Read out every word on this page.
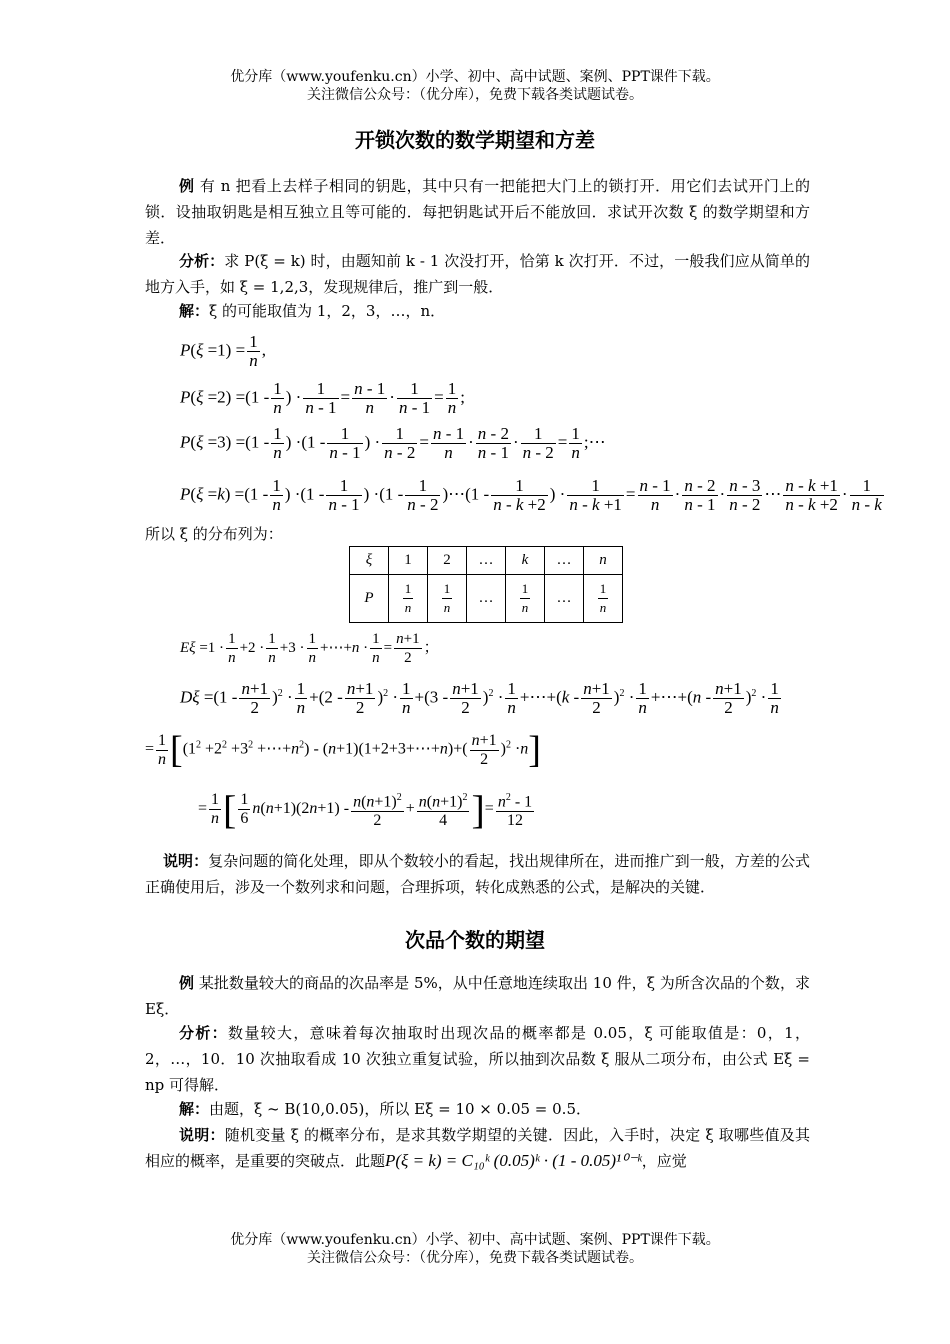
优分库（www.youfenku.cn）小学、初中、高中试题、案例、PPT课件下载。
关注微信公众号：（优分库），免费下载各类试题试卷。
开锁次数的数学期望和方差
例 有 n 把看上去样子相同的钥匙，其中只有一把能把大门上的锁打开．用它们去试开门上的锁．设抽取钥匙是相互独立且等可能的．每把钥匙试开后不能放回．求试开次数 ξ 的数学期望和方差．
分析：求 P(ξ = k) 时，由题知前 k - 1 次没打开，恰第 k 次打开．不过，一般我们应从简单的地方入手，如 ξ = 1,2,3，发现规律后，推广到一般．
解：ξ 的可能取值为 1，2，3，…，n．
$P(\xi =1) = \frac{1}{n}$ ,
$P(\xi =2) =(1 - \frac{1}{n}$ ) · $\frac{1}{n - 1} = \frac{n - 1}{n} \cdot \frac{1}{n - 1} = \frac{1}{n}$ ;
$P(\xi =3) =(1 - \frac{1}{n}$ ) $\cdot(1 - \frac{1}{n - 1}$ ) · $\frac{1}{n - 2} = \frac{n - 1}{n} \cdot \frac{n - 2}{n - 1} \cdot \frac{1}{n - 2} = \frac{1}{n}$ ;⋯
$P(\xi =k) =(1 - \frac{1}{n}$ ) $\cdot(1 - \frac{1}{n - 1}$ ) $\cdot(1 - \frac{1}{n - 2}$ )⋯(1 - $\frac{1}{n - k +2}$ ) · $\frac{1}{n - k +1} = \frac{n - 1}{n} \cdot \frac{n - 2}{n - 1} \cdot \frac{n - 3}{n - 2}$ ⋯ $\frac{n - k +1}{n - k +2} \cdot \frac{1}{n - k}$
所以 ξ 的分布列为：
ξ	1	2	…	k	…	n
P	$\frac{1}{n}$	$\frac{1}{n}$	…	$\frac{1}{n}$	…	$\frac{1}{n}$
$E\xi =1 \cdot \frac{1}{n} +2 \cdot \frac{1}{n} +3 \cdot \frac{1}{n}$ +⋯+n · $\frac{1}{n} = \frac{n+1}{2}$ ；
$D\xi =(1 - \frac{n+1}{2} )^2 \cdot \frac{1}{n} +(2 - \frac{n+1}{2} )^2 \cdot \frac{1}{n} +(3 - \frac{n+1}{2} )^2 \cdot \frac{1}{n}$ +⋯+(k - $\frac{n+1}{2} )^2 \cdot \frac{1}{n}$ +⋯+(n - $\frac{n+1}{2} )^2 \cdot \frac{1}{n}$
= $\frac{1}{n} [(1^2 +2^2 +3^2$ $+\cdots+n^2$) - (n+1)(1+2+3+⋯+n)+( $\frac{n+1}{2} )^2 \cdot n$]
= $\frac{1}{n}$ [ $\frac{1}{6} n(n+1)(2n+1) - \frac{n(n+1)^2}{2} + \frac{n(n+1)^2}{4}$ ]= $\frac{n^2 - 1}{12}$
说明：复杂问题的简化处理，即从个数较小的看起，找出规律所在，进而推广到一般，方差的公式正确使用后，涉及一个数列求和问题，合理拆项，转化成熟悉的公式，是解决的关键．
次品个数的期望
例 某批数量较大的商品的次品率是 5%，从中任意地连续取出 10 件，ξ 为所含次品的个数，求 Eξ．
分析：数量较大，意味着每次抽取时出现次品的概率都是 0.05，ξ 可能取值是：0，1，2，…，10．10 次抽取看成 10 次独立重复试验，所以抽到次品数 ξ 服从二项分布，由公式 Eξ = np 可得解．
解：由题，ξ ~ B(10,0.05)，所以 Eξ = 10 × 0.05 = 0.5．
说明：随机变量 ξ 的概率分布，是求其数学期望的关键．因此，入手时，决定 ξ 取哪些值及其相应的概率，是重要的突破点．此题P(ξ = k) = C₁₀ᵏ (0.05)ᵏ · (1 - 0.05)¹⁰⁻ᵏ，应觉
优分库（www.youfenku.cn）小学、初中、高中试题、案例、PPT课件下载。
关注微信公众号：（优分库），免费下载各类试题试卷。
